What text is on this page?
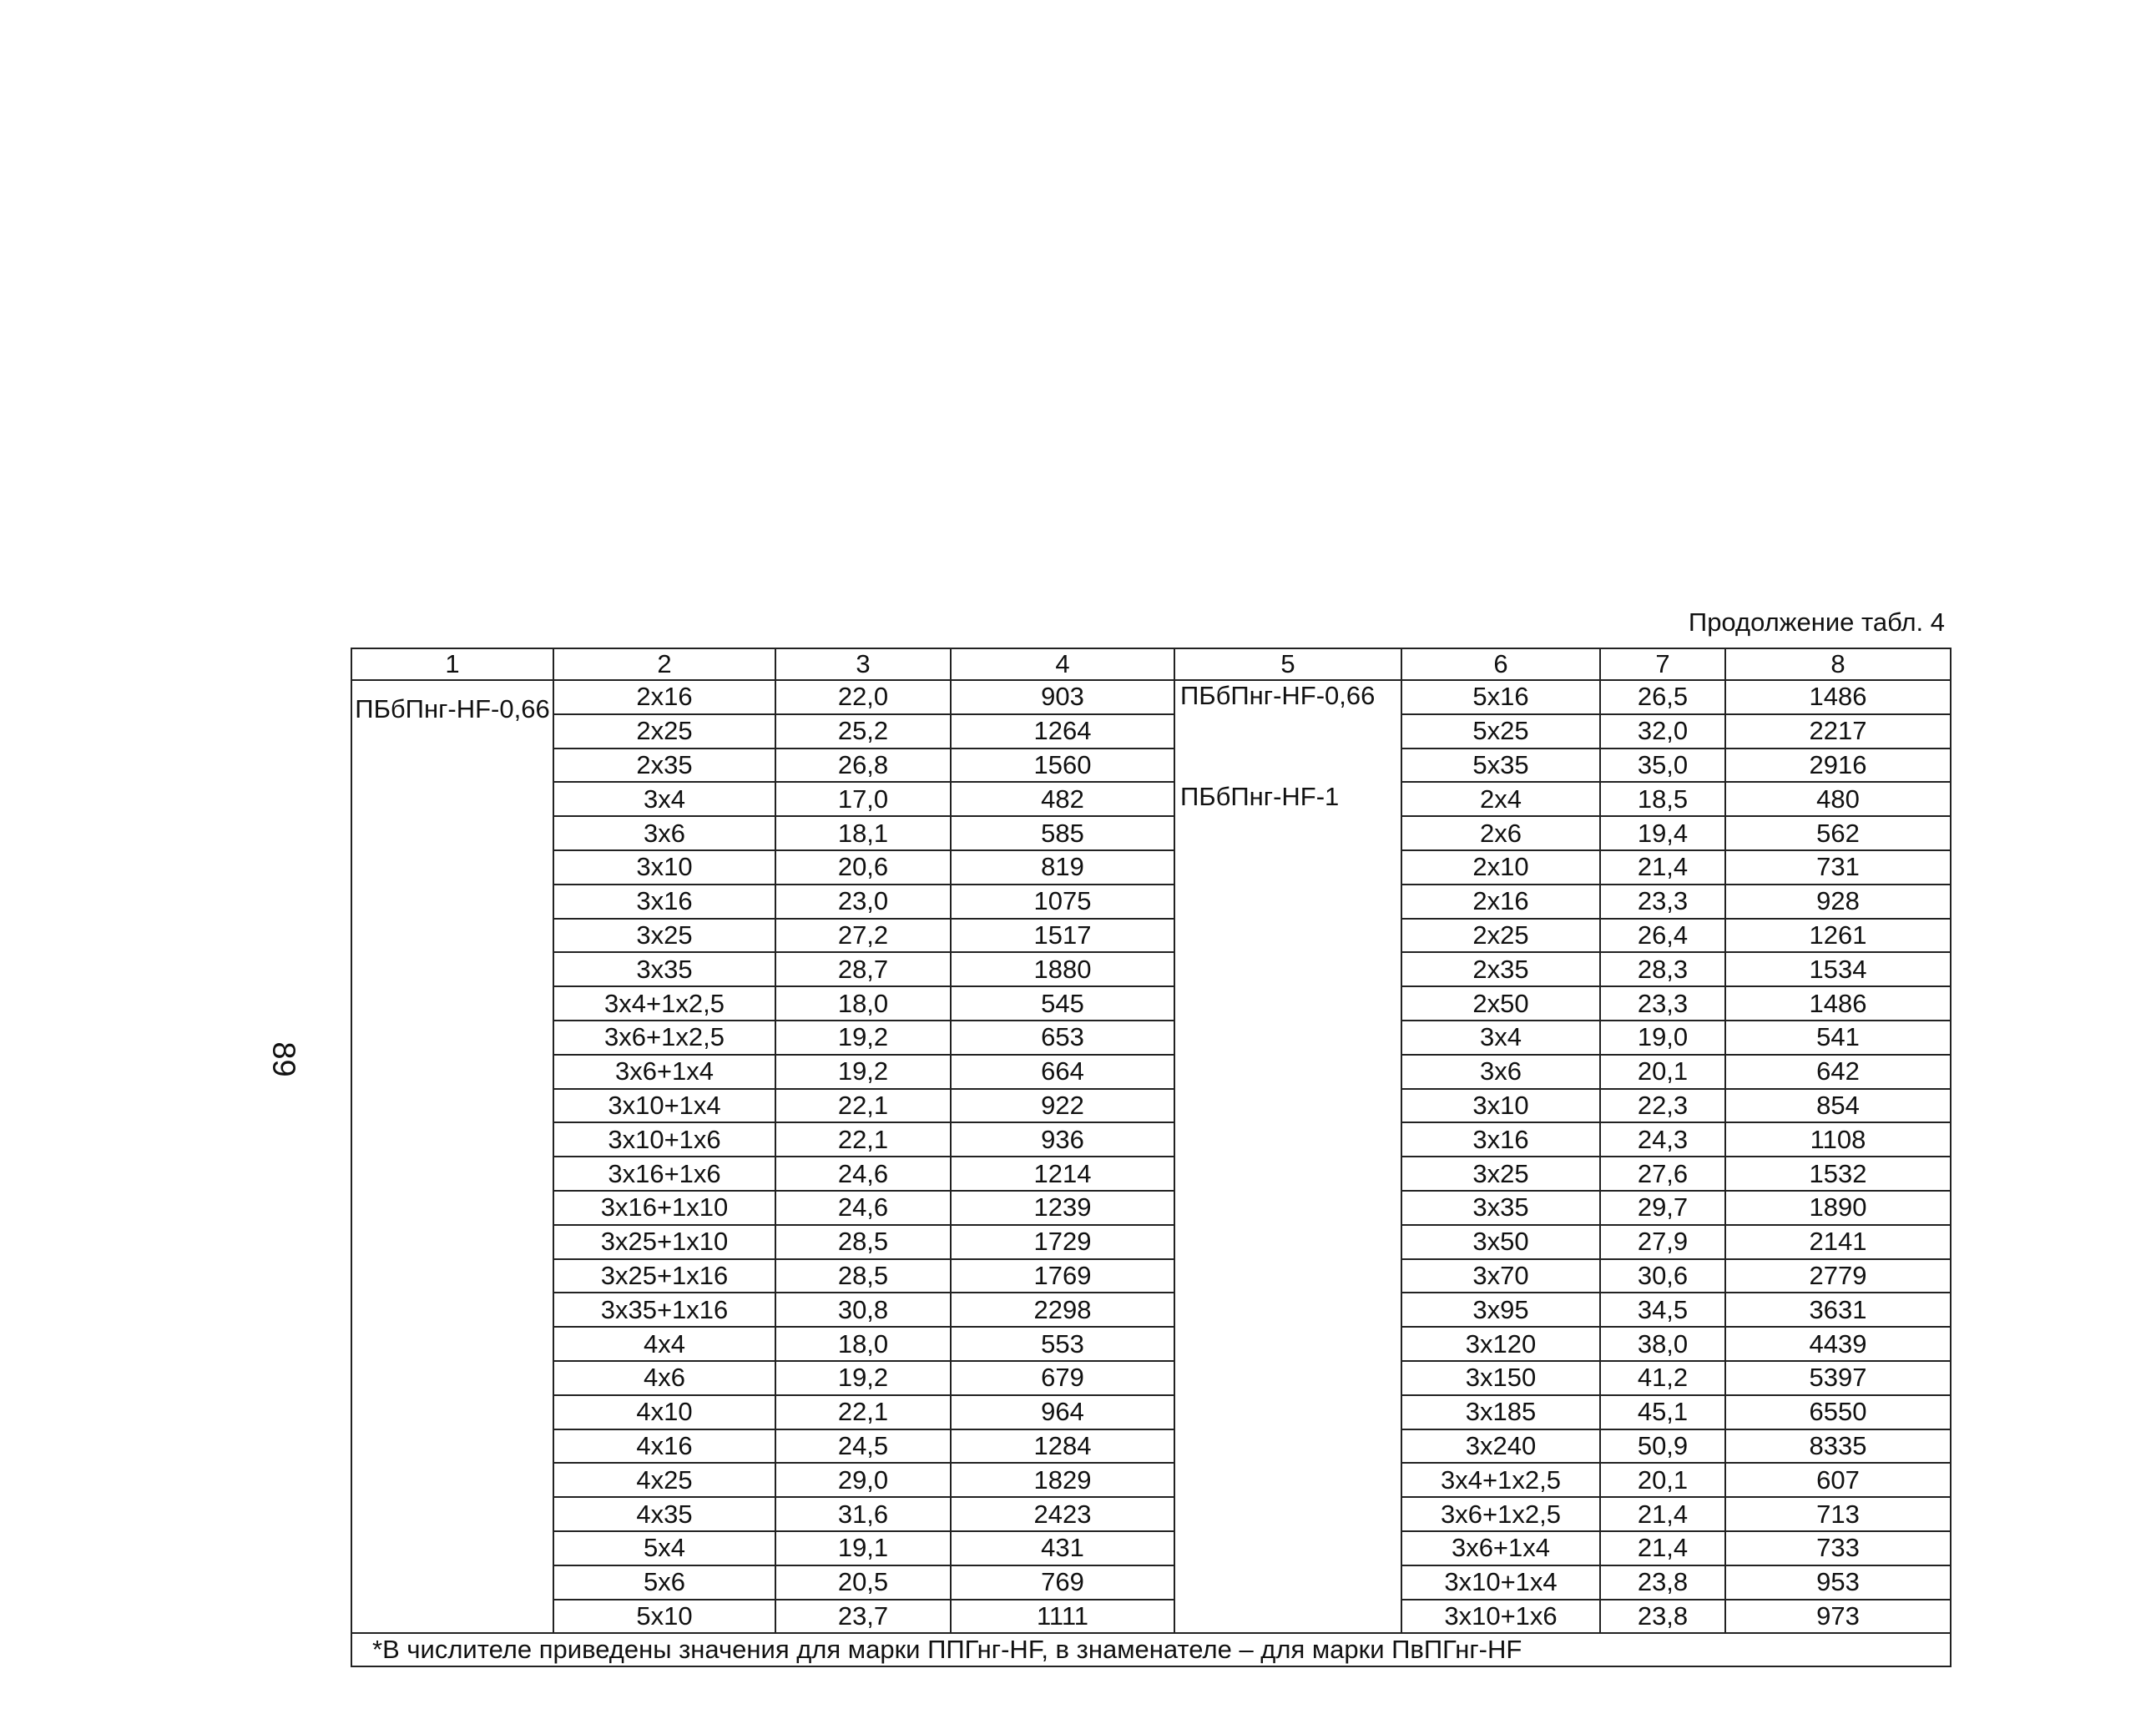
Продолжение табл. 4
89
1	2	3	4	5	6	7	8
ПБбПнг-HF-0,66	2x16	22,0	903	ПБбПнг-HF-0,66	5x16	26,5	1486
	2x25	25,2	1264		5x25	32,0	2217
	2x35	26,8	1560		5x35	35,0	2916
	3x4	17,0	482	ПБбПнг-HF-1	2x4	18,5	480
	3x6	18,1	585		2x6	19,4	562
	3x10	20,6	819		2x10	21,4	731
	3x16	23,0	1075		2x16	23,3	928
	3x25	27,2	1517		2x25	26,4	1261
	3x35	28,7	1880		2x35	28,3	1534
	3x4+1x2,5	18,0	545		2x50	23,3	1486
	3x6+1x2,5	19,2	653		3x4	19,0	541
	3x6+1x4	19,2	664		3x6	20,1	642
	3x10+1x4	22,1	922		3x10	22,3	854
	3x10+1x6	22,1	936		3x16	24,3	1108
	3x16+1x6	24,6	1214		3x25	27,6	1532
	3x16+1x10	24,6	1239		3x35	29,7	1890
	3x25+1x10	28,5	1729		3x50	27,9	2141
	3x25+1x16	28,5	1769		3x70	30,6	2779
	3x35+1x16	30,8	2298		3x95	34,5	3631
	4x4	18,0	553		3x120	38,0	4439
	4x6	19,2	679		3x150	41,2	5397
	4x10	22,1	964		3x185	45,1	6550
	4x16	24,5	1284		3x240	50,9	8335
	4x25	29,0	1829		3x4+1x2,5	20,1	607
	4x35	31,6	2423		3x6+1x2,5	21,4	713
	5x4	19,1	431		3x6+1x4	21,4	733
	5x6	20,5	769		3x10+1x4	23,8	953
	5x10	23,7	1111		3x10+1x6	23,8	973
*В числителе приведены значения для марки ППГнг-HF, в знаменателе – для марки ПвПГнг-HF							
